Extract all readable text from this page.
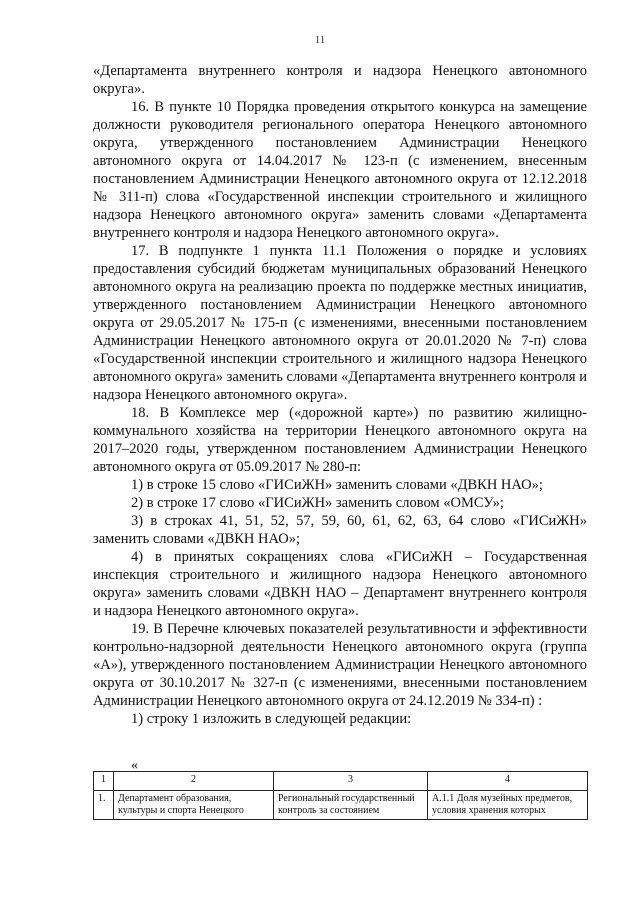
11

«Департамента внутреннего контроля и надзора Ненецкого автономного округа».

16. В пункте 10 Порядка проведения открытого конкурса на замещение должности руководителя регионального оператора Ненецкого автономного округа, утвержденного постановлением Администрации Ненецкого автономного округа от 14.04.2017 № 123-п (с изменением, внесенным постановлением Администрации Ненецкого автономного округа от 12.12.2018 № 311-п) слова «Государственной инспекции строительного и жилищного надзора Ненецкого автономного округа» заменить словами «Департамента внутреннего контроля и надзора Ненецкого автономного округа».

17. В подпункте 1 пункта 11.1 Положения о порядке и условиях предоставления субсидий бюджетам муниципальных образований Ненецкого автономного округа на реализацию проекта по поддержке местных инициатив, утвержденного постановлением Администрации Ненецкого автономного округа от 29.05.2017 № 175-п (с изменениями, внесенными постановлением Администрации Ненецкого автономного округа от 20.01.2020 № 7-п) слова «Государственной инспекции строительного и жилищного надзора Ненецкого автономного округа» заменить словами «Департамента внутреннего контроля и надзора Ненецкого автономного округа».

18. В Комплексе мер («дорожной карте») по развитию жилищно-коммунального хозяйства на территории Ненецкого автономного округа на 2017–2020 годы, утвержденном постановлением Администрации Ненецкого автономного округа от 05.09.2017 № 280-п:

1) в строке 15 слово «ГИСиЖН» заменить словами «ДВКН НАО»;

2) в строке 17 слово «ГИСиЖН» заменить словом «ОМСУ»;

3) в строках 41, 51, 52, 57, 59, 60, 61, 62, 63, 64 слово «ГИСиЖН» заменить словами «ДВКН НАО»;

4) в принятых сокращениях слова «ГИСиЖН – Государственная инспекция строительного и жилищного надзора Ненецкого автономного округа» заменить словами «ДВКН НАО – Департамент внутреннего контроля и надзора Ненецкого автономного округа».

19. В Перечне ключевых показателей результативности и эффективности контрольно-надзорной деятельности Ненецкого автономного округа (группа «А»), утвержденного постановлением Администрации Ненецкого автономного округа от 30.10.2017 № 327-п (с изменениями, внесенными постановлением Администрации Ненецкого автономного округа от 24.12.2019 № 334-п) :

1) строку 1 изложить в следующей редакции:

«
1	2	3	4
1.	Департамент образования, культуры и спорта Ненецкого	Региональный государственный контроль за состоянием	А.1.1 Доля музейных предметов, условия хранения которых
